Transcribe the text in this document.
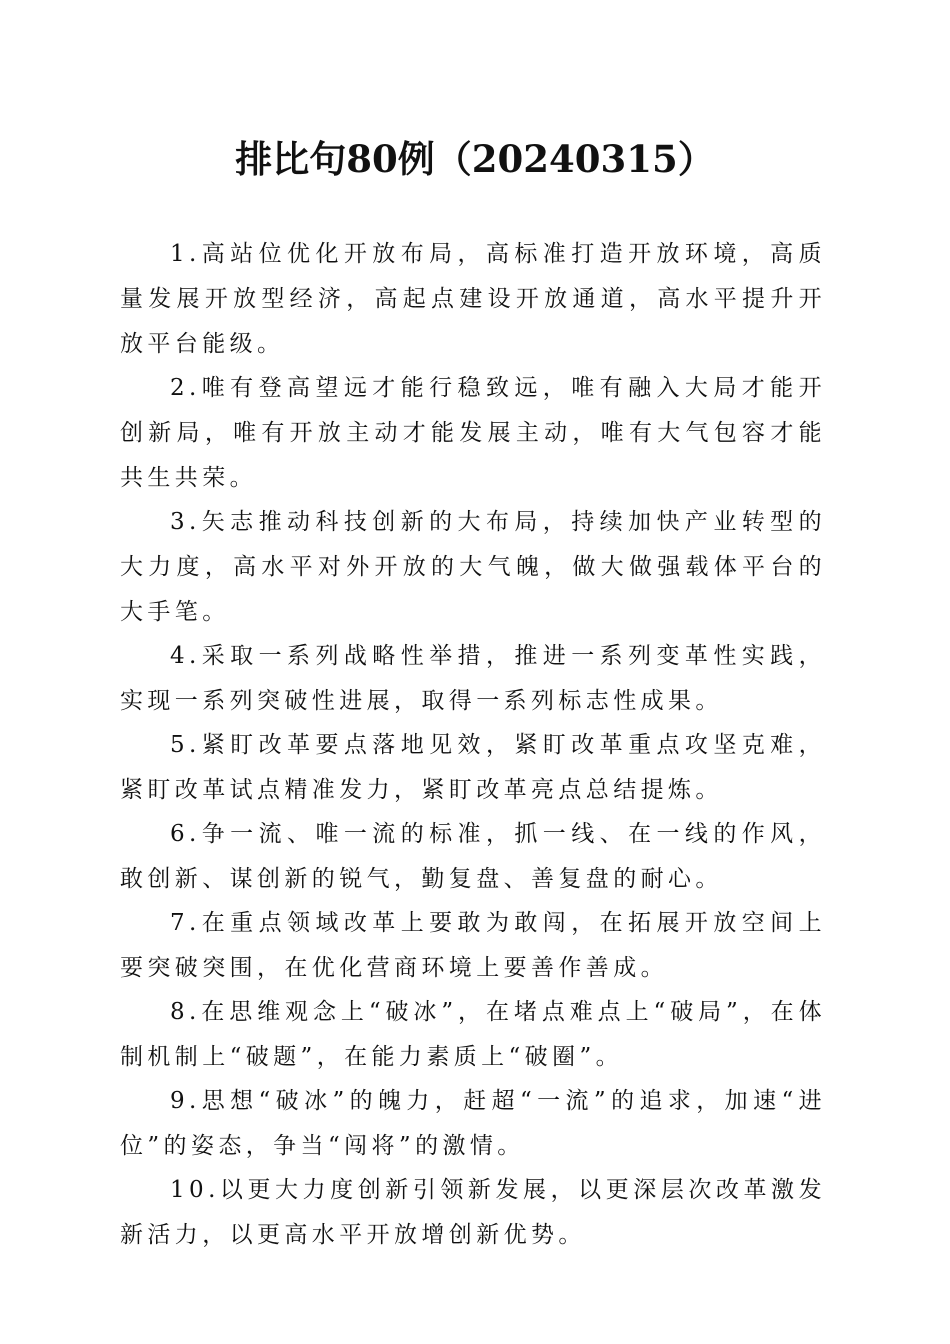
排比句80例（20240315）

1.高站位优化开放布局，高标准打造开放环境，高质量发展开放型经济，高起点建设开放通道，高水平提升开放平台能级。

2.唯有登高望远才能行稳致远，唯有融入大局才能开创新局，唯有开放主动才能发展主动，唯有大气包容才能共生共荣。

3.矢志推动科技创新的大布局，持续加快产业转型的大力度，高水平对外开放的大气魄，做大做强载体平台的大手笔。

4.采取一系列战略性举措，推进一系列变革性实践，实现一系列突破性进展，取得一系列标志性成果。

5.紧盯改革要点落地见效，紧盯改革重点攻坚克难，紧盯改革试点精准发力，紧盯改革亮点总结提炼。

6.争一流、唯一流的标准，抓一线、在一线的作风，敢创新、谋创新的锐气，勤复盘、善复盘的耐心。

7.在重点领域改革上要敢为敢闯，在拓展开放空间上要突破突围，在优化营商环境上要善作善成。

8.在思维观念上“破冰”，在堵点难点上“破局”，在体制机制上“破题”，在能力素质上“破圈”。

9.思想“破冰”的魄力，赶超“一流”的追求，加速“进位”的姿态，争当“闯将”的激情。

10.以更大力度创新引领新发展，以更深层次改革激发新活力，以更高水平开放增创新优势。
